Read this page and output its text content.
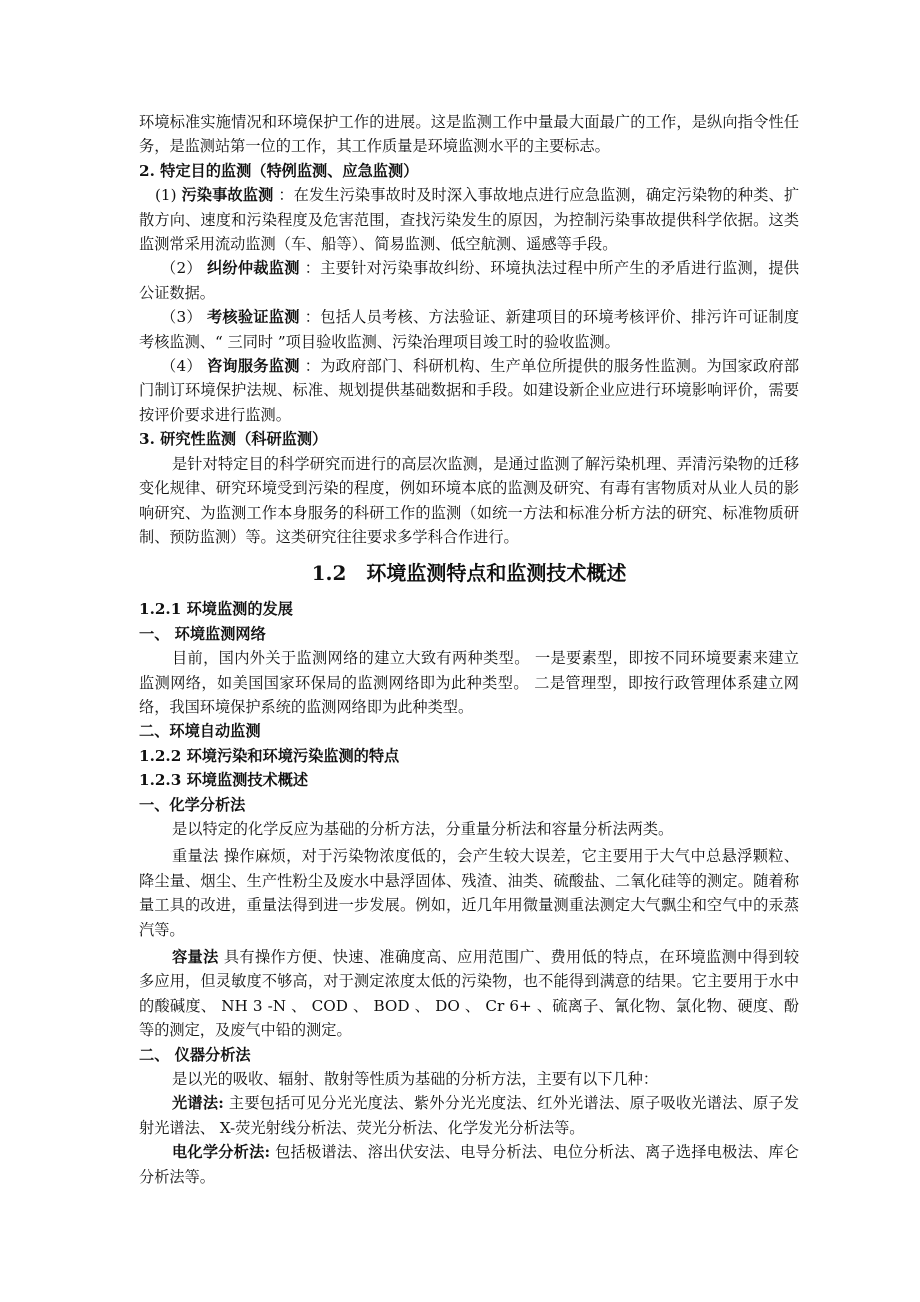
环境标准实施情况和环境保护工作的进展。这是监测工作中量最大面最广的工作，是纵向指令性任务，是监测站第一位的工作，其工作质量是环境监测水平的主要标志。

2. 特定目的监测（特例监测、应急监测）

(1) 污染事故监测 ：在发生污染事故时及时深入事故地点进行应急监测，确定污染物的种类、扩散方向、速度和污染程度及危害范围，查找污染发生的原因，为控制污染事故提供科学依据。这类监测常采用流动监测（车、船等）、简易监测、低空航测、遥感等手段。

（2） 纠纷仲裁监测 ：主要针对污染事故纠纷、环境执法过程中所产生的矛盾进行监测，提供公证数据。

（3） 考核验证监测 ：包括人员考核、方法验证、新建项目的环境考核评价、排污许可证制度考核监测、“ 三同时 ”项目验收监测、污染治理项目竣工时的验收监测。

（4） 咨询服务监测 ：为政府部门、科研机构、生产单位所提供的服务性监测。为国家政府部门制订环境保护法规、标准、规划提供基础数据和手段。如建设新企业应进行环境影响评价，需要按评价要求进行监测。

3. 研究性监测（科研监测）

是针对特定目的科学研究而进行的高层次监测，是通过监测了解污染机理、弄清污染物的迁移变化规律、研究环境受到污染的程度，例如环境本底的监测及研究、有毒有害物质对从业人员的影响研究、为监测工作本身服务的科研工作的监测（如统一方法和标准分析方法的研究、标准物质研制、预防监测）等。这类研究往往要求多学科合作进行。

1.2　环境监测特点和监测技术概述

1.2.1 环境监测的发展

一、 环境监测网络

目前，国内外关于监测网络的建立大致有两种类型。 一是要素型，即按不同环境要素来建立监测网络，如美国国家环保局的监测网络即为此种类型。 二是管理型，即按行政管理体系建立网络，我国环境保护系统的监测网络即为此种类型。

二、环境自动监测

1.2.2 环境污染和环境污染监测的特点

1.2.3 环境监测技术概述

一、化学分析法

是以特定的化学反应为基础的分析方法，分重量分析法和容量分析法两类。

重量法 操作麻烦，对于污染物浓度低的，会产生较大误差，它主要用于大气中总悬浮颗粒、降尘量、烟尘、生产性粉尘及废水中悬浮固体、残渣、油类、硫酸盐、二氧化硅等的测定。随着称量工具的改进，重量法得到进一步发展。例如，近几年用微量测重法测定大气飘尘和空气中的汞蒸汽等。

容量法 具有操作方便、快速、准确度高、应用范围广、费用低的特点，在环境监测中得到较多应用，但灵敏度不够高，对于测定浓度太低的污染物，也不能得到满意的结果。它主要用于水中的酸碱度、 NH 3 -N 、 COD 、 BOD 、 DO 、 Cr 6+ 、硫离子、氰化物、氯化物、硬度、酚等的测定，及废气中铅的测定。

二、 仪器分析法

是以光的吸收、辐射、散射等性质为基础的分析方法，主要有以下几种：

光谱法: 主要包括可见分光光度法、紫外分光光度法、红外光谱法、原子吸收光谱法、原子发射光谱法、 X-荧光射线分析法、荧光分析法、化学发光分析法等。

电化学分析法: 包括极谱法、溶出伏安法、电导分析法、电位分析法、离子选择电极法、库仑分析法等。
